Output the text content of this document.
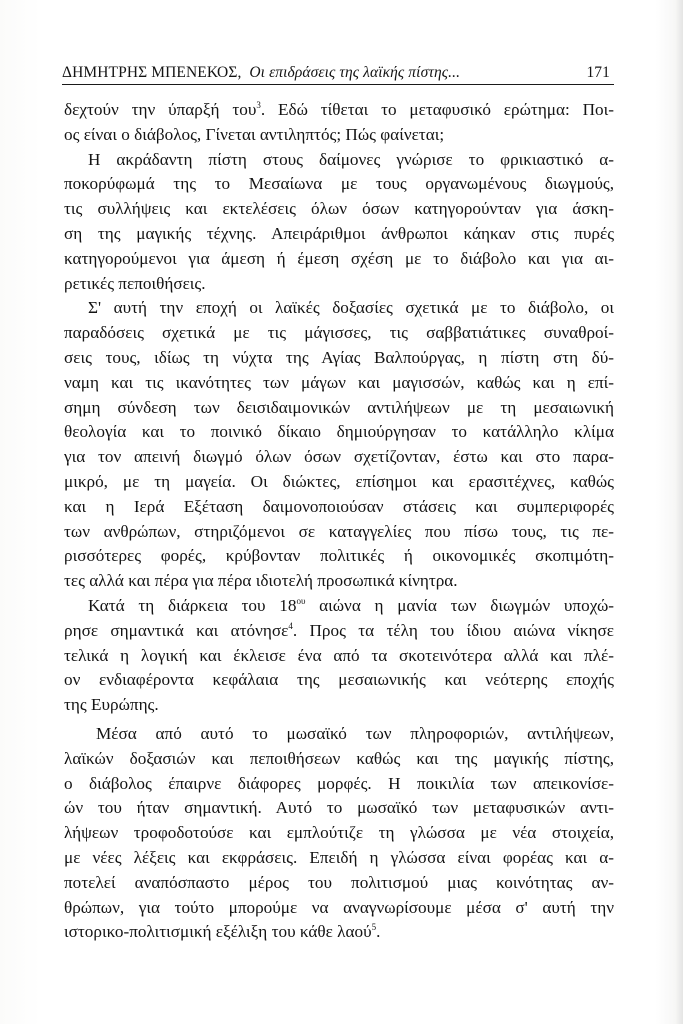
ΔΗΜΗΤΡΗΣ ΜΠΕΝΕΚΟΣ, Οι επιδράσεις της λαϊκής πίστης...	171
δεχτούν την ύπαρξή του$^3$. Εδώ τίθεται το μεταφυσικό ερώτημα: Ποι-
ος είναι ο διάβολος, Γίνεται αντιληπτός; Πώς φαίνεται;
Η ακράδαντη πίστη στους δαίμονες γνώρισε το φρικιαστικό α-
ποκορύφωμά της το Μεσαίωνα με τους οργανωμένους διωγμούς,
τις συλλήψεις και εκτελέσεις όλων όσων κατηγορούνταν για άσκη-
ση της μαγικής τέχνης. Απειράριθμοι άνθρωποι κάηκαν στις πυρές
κατηγορούμενοι για άμεση ή έμεση σχέση με το διάβολο και για αι-
ρετικές πεποιθήσεις.
Σ' αυτή την εποχή οι λαϊκές δοξασίες σχετικά με το διάβολο, οι
παραδόσεις σχετικά με τις μάγισσες, τις σαββατιάτικες συναθροί-
σεις τους, ιδίως τη νύχτα της Αγίας Βαλπούργας, η πίστη στη δύ-
ναμη και τις ικανότητες των μάγων και μαγισσών, καθώς και η επί-
σημη σύνδεση των δεισιδαιμονικών αντιλήψεων με τη μεσαιωνική
θεολογία και το ποινικό δίκαιο δημιούργησαν το κατάλληλο κλίμα
για τον απεινή διωγμό όλων όσων σχετίζονταν, έστω και στο παρα-
μικρό, με τη μαγεία. Οι διώκτες, επίσημοι και ερασιτέχνες, καθώς
και η Ιερά Εξέταση δαιμονοποιούσαν στάσεις και συμπεριφορές
των ανθρώπων, στηριζόμενοι σε καταγγελίες που πίσω τους, τις πε-
ρισσότερες φορές, κρύβονταν πολιτικές ή οικονομικές σκοπιμότη-
τες αλλά και πέρα για πέρα ιδιοτελή προσωπικά κίνητρα.
Κατά τη διάρκεια του $18^{o\upsilon}$ αιώνα η μανία των διωγμών υποχώ-
ρησε σημαντικά και ατόνησε$^4$. Προς τα τέλη του ίδιου αιώνα νίκησε
τελικά η λογική και έκλεισε ένα από τα σκοτεινότερα αλλά και πλέ-
ον ενδιαφέροντα κεφάλαια της μεσαιωνικής και νεότερης εποχής
της Ευρώπης.
Μέσα από αυτό το μωσαϊκό των πληροφοριών, αντιλήψεων,
λαϊκών δοξασιών και πεποιθήσεων καθώς και της μαγικής πίστης,
ο διάβολος έπαιρνε διάφορες μορφές. Η ποικιλία των απεικονίσε-
ών του ήταν σημαντική. Αυτό το μωσαϊκό των μεταφυσικών αντι-
λήψεων τροφοδοτούσε και εμπλούτιζε τη γλώσσα με νέα στοιχεία,
με νέες λέξεις και εκφράσεις. Επειδή η γλώσσα είναι φορέας και α-
ποτελεί αναπόσπαστο μέρος του πολιτισμού μιας κοινότητας αν-
θρώπων, για τούτο μπορούμε να αναγνωρίσουμε μέσα σ' αυτή την
ιστορικο-πολιτισμική εξέλιξη του κάθε λαού$^5$.
